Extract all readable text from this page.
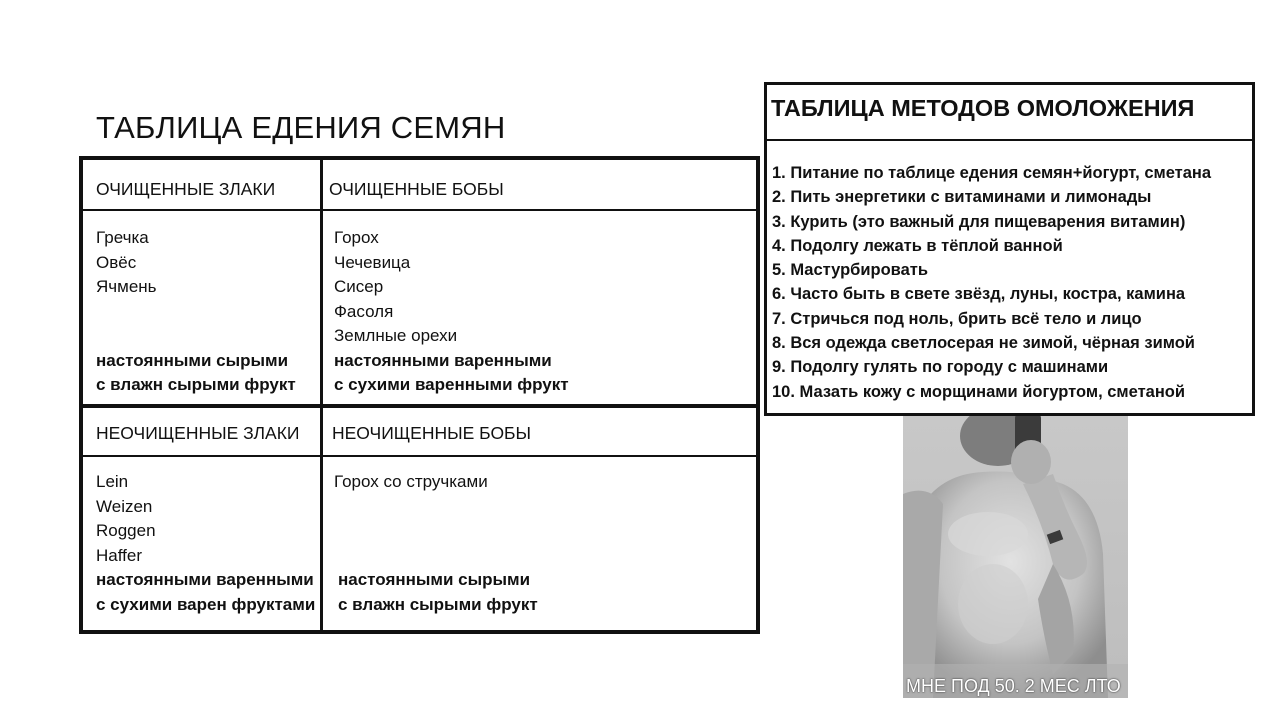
ТАБЛИЦА ЕДЕНИЯ СЕМЯН
ОЧИЩЕННЫЕ ЗЛАКИ	ОЧИЩЕННЫЕ БОБЫ
Гречка
Овёс
Ячмень
настоянными сырыми
с влажн сырыми фрукт
Горох
Чечевица
Сисер
Фасоля
Землные орехи
настоянными варенными
с сухими варенными фрукт
НЕОЧИЩЕННЫЕ ЗЛАКИ НЕОЧИЩЕННЫЕ БОБЫ
Lein
Weizen
Roggen
Haffer
настоянными варенными
с сухими варен фруктами
Горох со стручками
настоянными сырыми
с влажн сырыми фрукт
ТАБЛИЦА МЕТОДОВ ОМОЛОЖЕНИЯ
1. Питание по таблице едения семян+йогурт, сметана
2. Пить энергетики с витаминами и лимонады
3. Курить (это важный для пищеварения витамин)
4. Подолгу лежать в тёплой ванной
5. Мастурбировать
6. Часто быть в свете звёзд, луны, костра, камина
7. Стричься под ноль, брить всё тело и лицо
8. Вся одежда светлосерая не зимой, чёрная зимой
9. Подолгу гулять по городу с машинами
10. Мазать кожу с морщинами йогуртом, сметаной
МНЕ ПОД 50. 2 МЕС ЛТО
